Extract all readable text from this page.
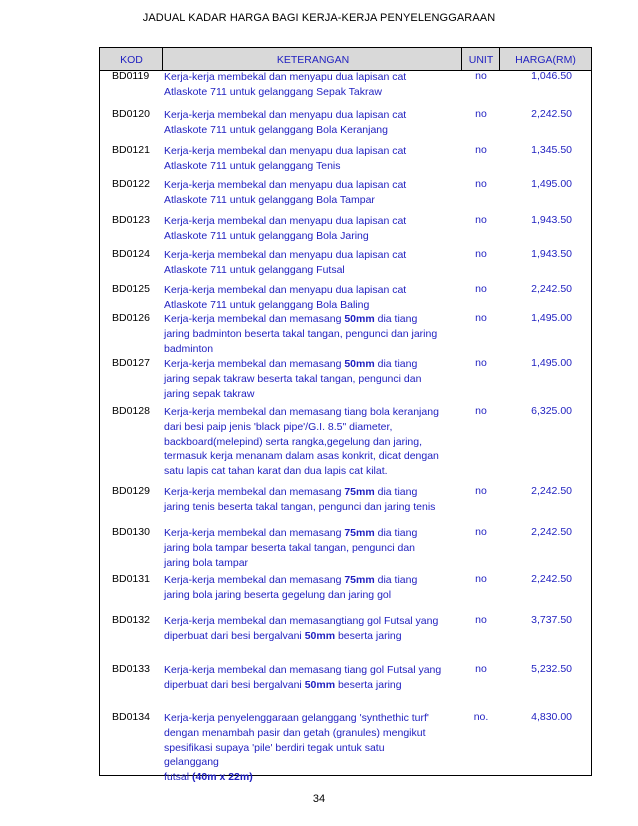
JADUAL KADAR HARGA BAGI KERJA-KERJA PENYELENGGARAAN
KOD	KETERANGAN	UNIT	HARGA(RM)
BD0119 Kerja-kerja membekal dan menyapu dua lapisan cat
Atlaskote 711 untuk gelanggang Sepak Takraw
no	1,046.50
BD0120 Kerja-kerja membekal dan menyapu dua lapisan cat
Atlaskote 711 untuk gelanggang Bola Keranjang
no	2,242.50
BD0121 Kerja-kerja membekal dan menyapu dua lapisan cat
Atlaskote 711 untuk gelanggang Tenis
no	1,345.50
BD0122 Kerja-kerja membekal dan menyapu dua lapisan cat
Atlaskote 711 untuk gelanggang Bola Tampar
no	1,495.00
BD0123 Kerja-kerja membekal dan menyapu dua lapisan cat
Atlaskote 711 untuk gelanggang Bola Jaring
no	1,943.50
BD0124 Kerja-kerja membekal dan menyapu dua lapisan cat
Atlaskote 711 untuk gelanggang Futsal
no	1,943.50
BD0125 Kerja-kerja membekal dan menyapu dua lapisan cat
Atlaskote 711 untuk gelanggang Bola Baling
no	2,242.50
BD0126 Kerja-kerja membekal dan memasang 50mm dia tiang
jaring badminton beserta takal tangan, pengunci dan jaring
badminton
no	1,495.00
BD0127 Kerja-kerja membekal dan memasang 50mm dia tiang
jaring sepak takraw beserta takal tangan, pengunci dan
jaring sepak takraw
no	1,495.00
BD0128 Kerja-kerja membekal dan memasang tiang bola keranjang
dari besi paip jenis 'black pipe'/G.I. 8.5" diameter,
backboard(melepind) serta rangka,gegelung dan jaring,
termasuk kerja menanam dalam asas konkrit, dicat dengan
satu lapis cat tahan karat dan dua lapis cat kilat.
no	6,325.00
BD0129 Kerja-kerja membekal dan memasang 75mm dia tiang
jaring tenis beserta takal tangan, pengunci dan jaring tenis
no	2,242.50
BD0130 Kerja-kerja membekal dan memasang 75mm dia tiang
jaring bola tampar beserta takal tangan, pengunci dan
jaring bola tampar
no	2,242.50
BD0131 Kerja-kerja membekal dan memasang 75mm dia tiang
jaring bola jaring beserta gegelung dan jaring gol
no	2,242.50
BD0132 Kerja-kerja membekal dan memasangtiang gol Futsal yang
diperbuat dari besi bergalvani 50mm beserta jaring
no	3,737.50
BD0133 Kerja-kerja membekal dan memasang tiang gol Futsal yang
diperbuat dari besi bergalvani 50mm beserta jaring
no	5,232.50
BD0134 Kerja-kerja penyelenggaraan gelanggang 'synthethic turf'
dengan menambah pasir dan getah (granules) mengikut
spesifikasi supaya 'pile' berdiri tegak untuk satu gelanggang
futsal (40m x 22m)
no.	4,830.00
34
